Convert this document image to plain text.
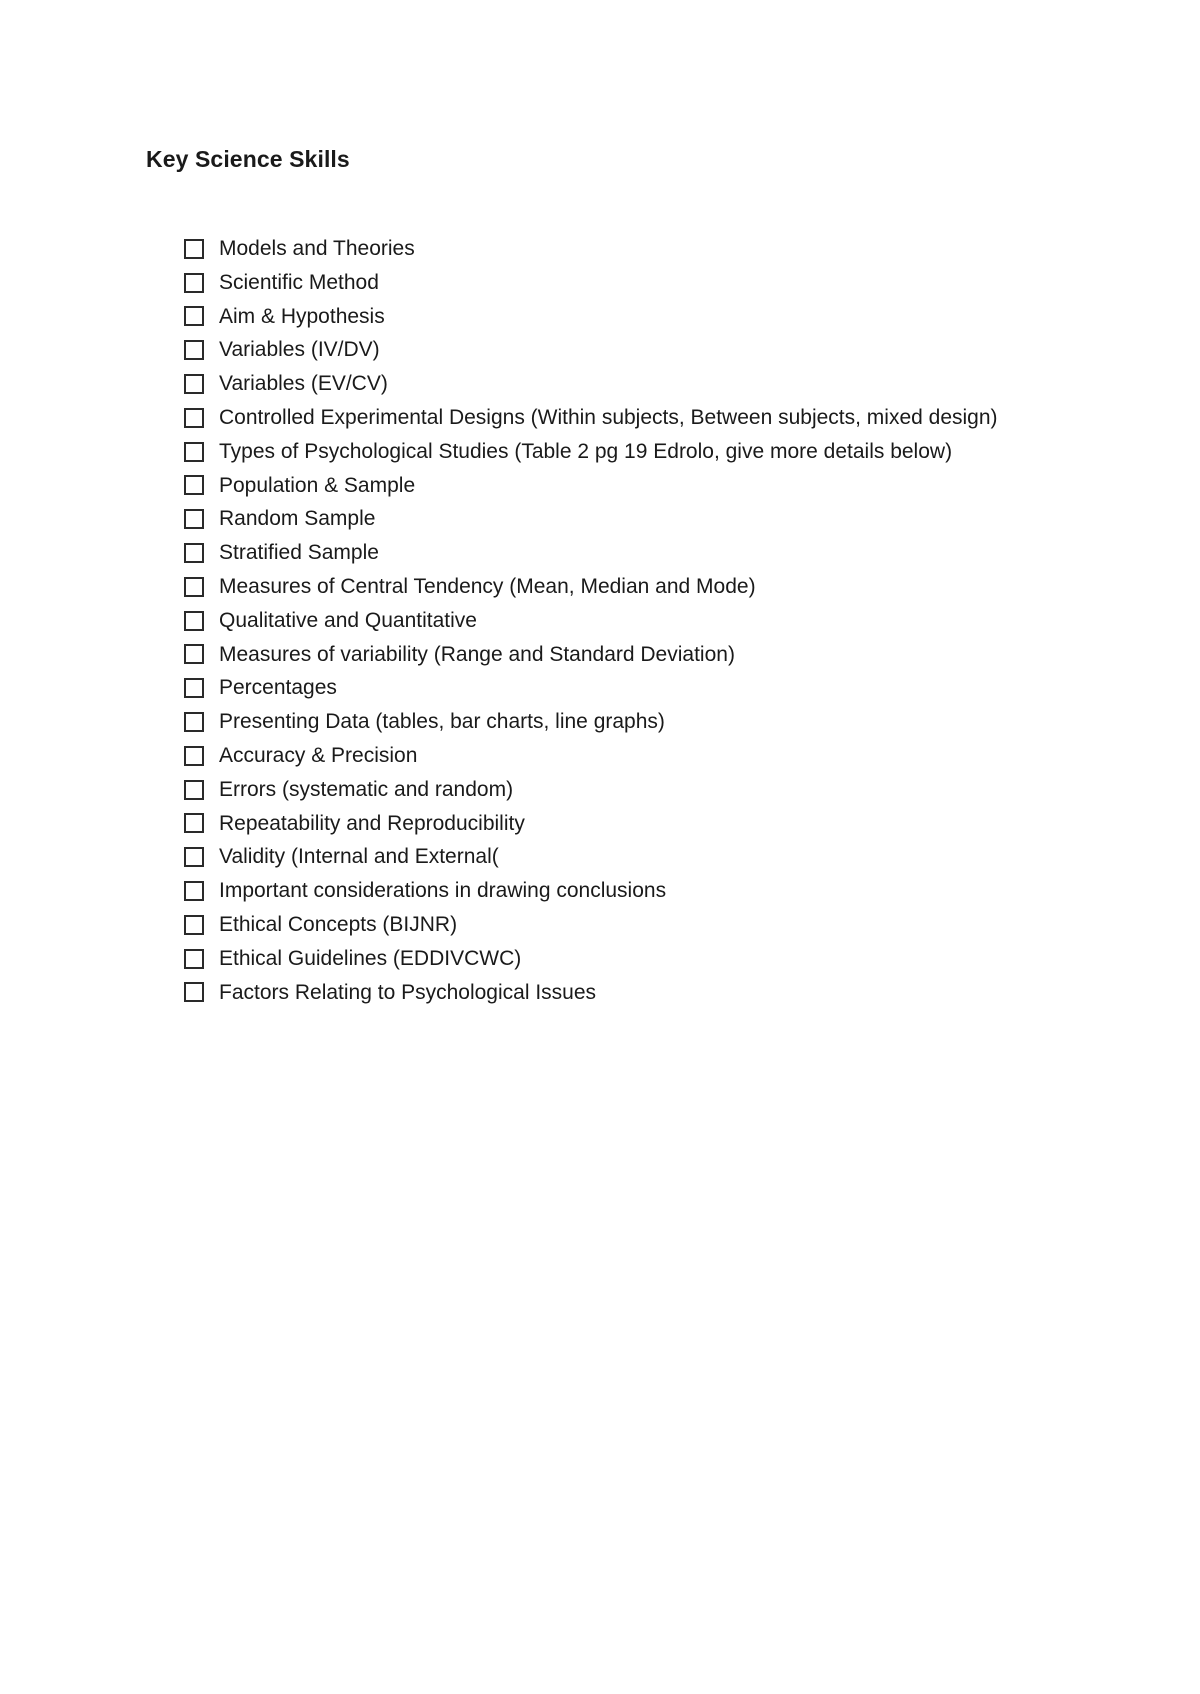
Key Science Skills
Models and Theories
Scientific Method
Aim & Hypothesis
Variables (IV/DV)
Variables (EV/CV)
Controlled Experimental Designs (Within subjects, Between subjects, mixed design)
Types of Psychological Studies (Table 2 pg 19 Edrolo, give more details below)
Population & Sample
Random Sample
Stratified Sample
Measures of Central Tendency (Mean, Median and Mode)
Qualitative and Quantitative
Measures of variability (Range and Standard Deviation)
Percentages
Presenting Data (tables, bar charts, line graphs)
Accuracy & Precision
Errors (systematic and random)
Repeatability and Reproducibility
Validity (Internal and External(
Important considerations in drawing conclusions
Ethical Concepts (BIJNR)
Ethical Guidelines (EDDIVCWC)
Factors Relating to Psychological Issues
